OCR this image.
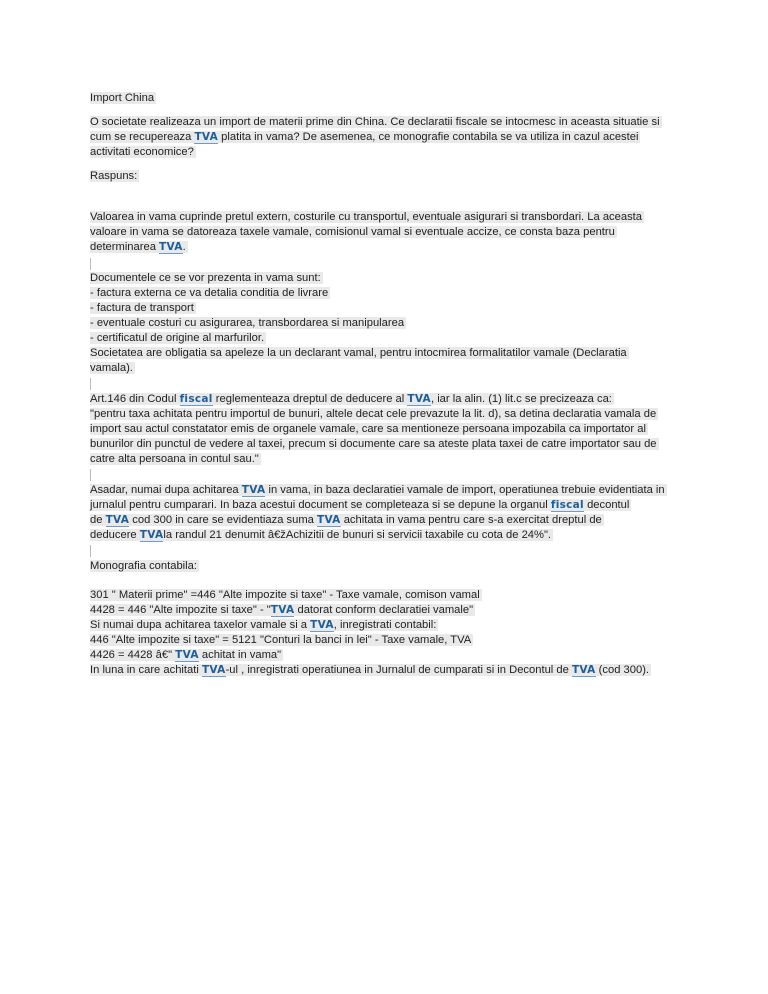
Import China
O societate realizeaza un import de materii prime din China. Ce declaratii fiscale se intocmesc in aceasta situatie si
cum se recupereaza TVA platita in vama? De asemenea, ce monografie contabila se va utiliza in cazul acestei
activitati economice?
Raspuns:
Valoarea in vama cuprinde pretul extern, costurile cu transportul, eventuale asigurari si transbordari. La aceasta
valoare in vama se datoreaza taxele vamale, comisionul vamal si eventuale accize, ce consta baza pentru
determinarea TVA.
Documentele ce se vor prezenta in vama sunt:
- factura externa ce va detalia conditia de livrare
- factura de transport
- eventuale costuri cu asigurarea, transbordarea si manipularea
- certificatul de origine al marfurilor.
Societatea are obligatia sa apeleze la un declarant vamal, pentru intocmirea formalitatilor vamale (Declaratia
vamala).
Art.146 din Codul fiscal reglementeaza dreptul de deducere al TVA, iar la alin. (1) lit.c se precizeaza ca:
"pentru taxa achitata pentru importul de bunuri, altele decat cele prevazute la lit. d), sa detina declaratia vamala de
import sau actul constatator emis de organele vamale, care sa mentioneze persoana impozabila ca importator al
bunurilor din punctul de vedere al taxei, precum si documente care sa ateste plata taxei de catre importator sau de
catre alta persoana in contul sau."
Asadar, numai dupa achitarea TVA in vama, in baza declaratiei vamale de import, operatiunea trebuie evidentiata in
jurnalul pentru cumparari. In baza acestui document se completeaza si se depune la organul fiscal decontul
de TVA cod 300 in care se evidentiaza suma TVA achitata in vama pentru care s-a exercitat dreptul de
deducere TVAla randul 21 denumit â€žAchizitii de bunuri si servicii taxabile cu cota de 24%".
Monografia contabila:
301 " Materii prime" =446 "Alte impozite si taxe" - Taxe vamale, comison vamal
4428 = 446 "Alte impozite si taxe" - "TVA datorat conform declaratiei vamale"
Si numai dupa achitarea taxelor vamale si a TVA, inregistrati contabil:
446 "Alte impozite si taxe" = 5121 "Conturi la banci in lei" - Taxe vamale, TVA
4426 = 4428 â€" TVA achitat in vama"
In luna in care achitati TVA-ul , inregistrati operatiunea in Jurnalul de cumparati si in Decontul de TVA (cod 300).
